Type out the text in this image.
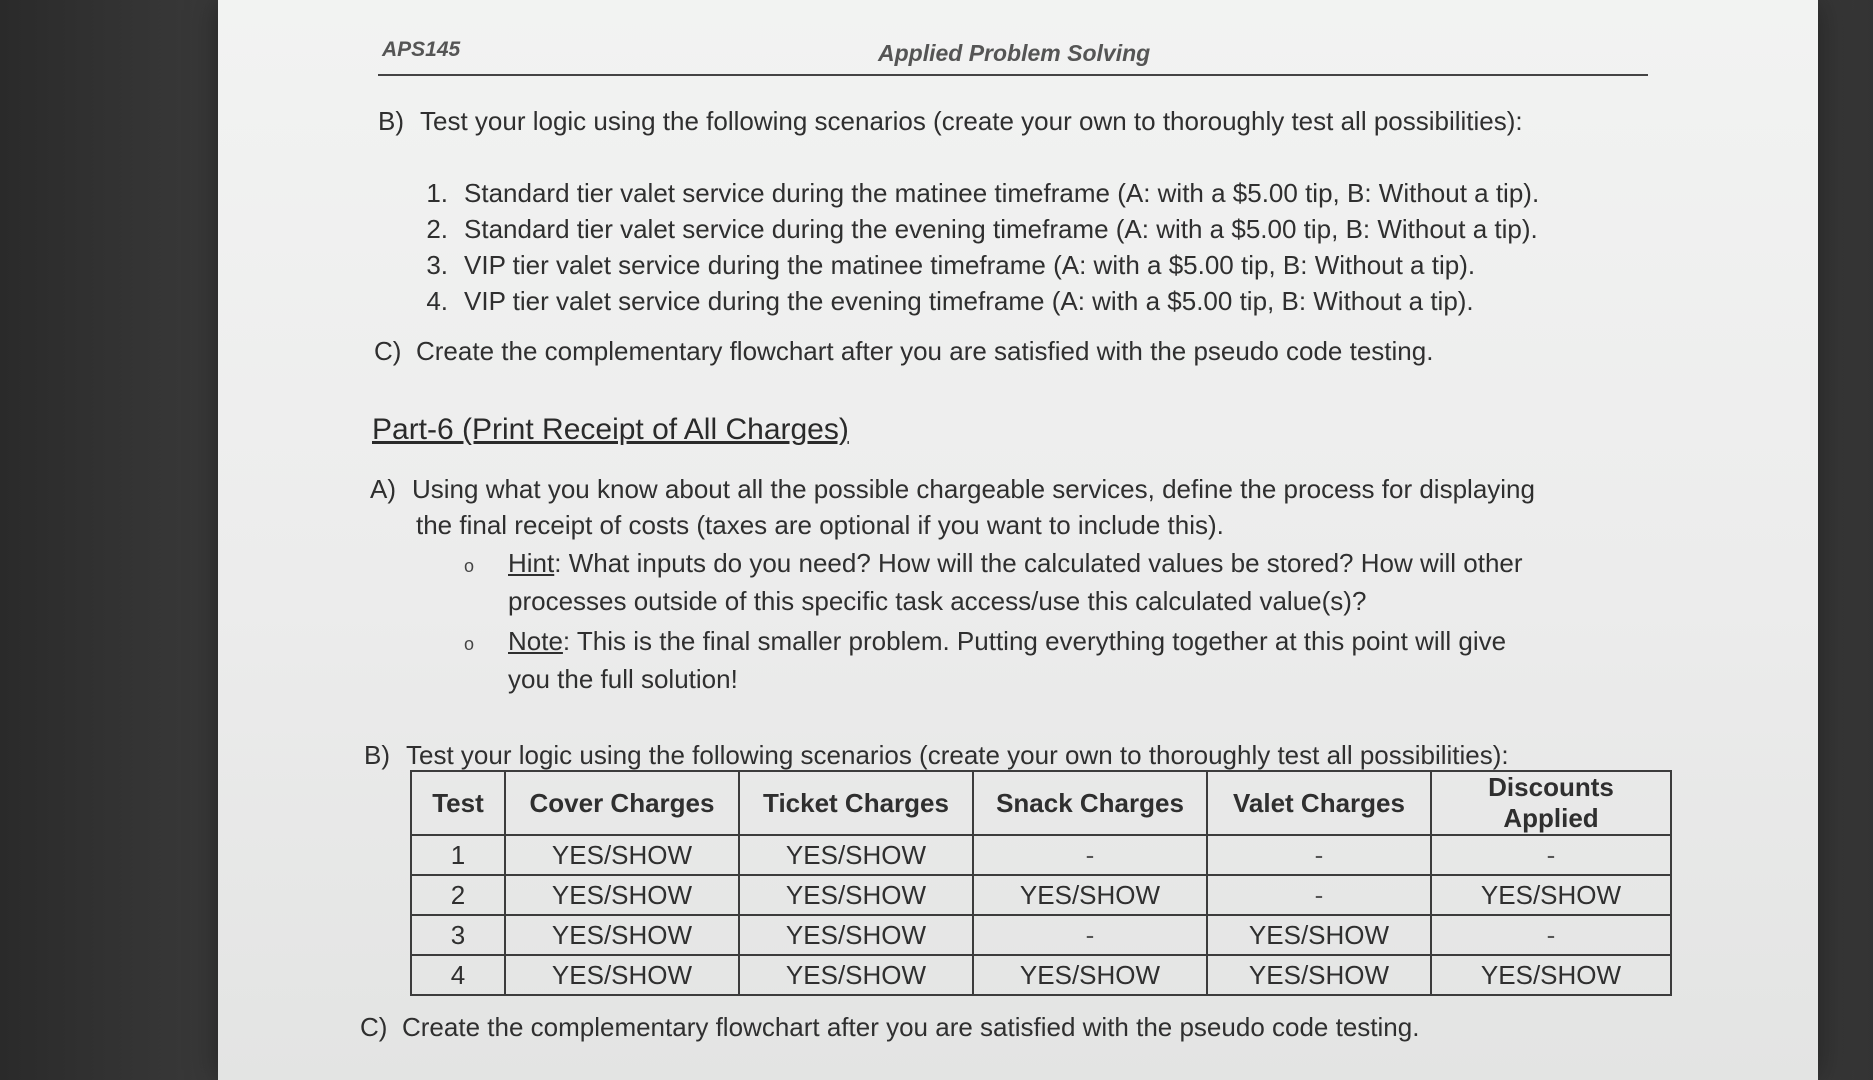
APS145	Applied Problem Solving
B) Test your logic using the following scenarios (create your own to thoroughly test all possibilities):
1. Standard tier valet service during the matinee timeframe (A: with a $5.00 tip, B: Without a tip).
2. Standard tier valet service during the evening timeframe (A: with a $5.00 tip, B: Without a tip).
3. VIP tier valet service during the matinee timeframe (A: with a $5.00 tip, B: Without a tip).
4. VIP tier valet service during the evening timeframe (A: with a $5.00 tip, B: Without a tip).
C) Create the complementary flowchart after you are satisfied with the pseudo code testing.
Part-6 (Print Receipt of All Charges)
A) Using what you know about all the possible chargeable services, define the process for displaying
the final receipt of costs (taxes are optional if you want to include this).
o Hint: What inputs do you need? How will the calculated values be stored? How will other
processes outside of this specific task access/use this calculated value(s)?
o Note: This is the final smaller problem. Putting everything together at this point will give
you the full solution!
B) Test your logic using the following scenarios (create your own to thoroughly test all possibilities):
Test	Cover Charges	Ticket Charges	Snack Charges	Valet Charges	Discounts Applied
1	YES/SHOW	YES/SHOW	-	-	-
2	YES/SHOW	YES/SHOW	YES/SHOW	-	YES/SHOW
3	YES/SHOW	YES/SHOW	-	YES/SHOW	-
4	YES/SHOW	YES/SHOW	YES/SHOW	YES/SHOW	YES/SHOW
C) Create the complementary flowchart after you are satisfied with the pseudo code testing.
